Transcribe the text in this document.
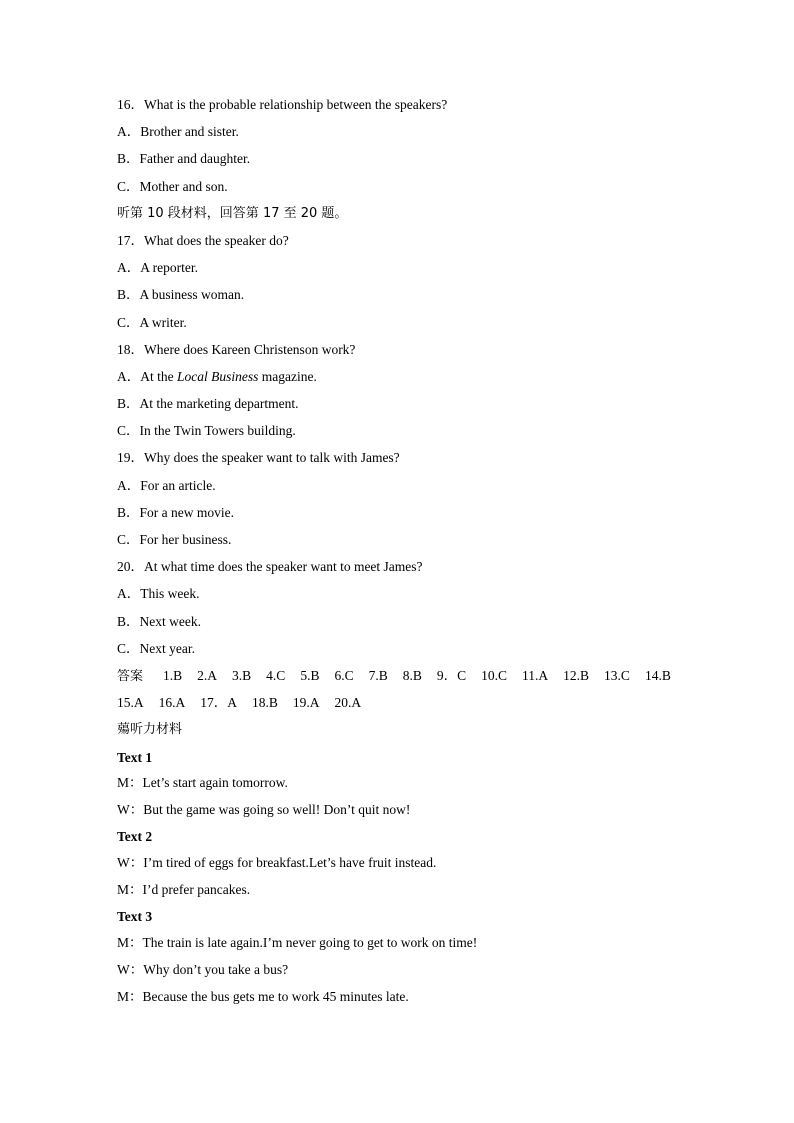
16．What is the probable relationship between the speakers?
A．Brother and sister.
B．Father and daughter.
C．Mother and son.
听第 10 段材料，回答第 17 至 20 题。
17．What does the speaker do?
A．A reporter.
B．A business woman.
C．A writer.
18．Where does Kareen Christenson work?
A．At the Local Business magazine.
B．At the marketing department.
C．In the Twin Towers building.
19．Why does the speaker want to talk with James?
A．For an article.
B．For a new movie.
C．For her business.
20．At what time does the speaker want to meet James?
A．This week.
B．Next week.
C．Next year.
答案 1.B 2.A 3.B 4.C 5.B 6.C 7.B 8.B 9．C 10.C 11.A 12.B 13.C 14.B
15.A 16.A 17．A 18.B 19.A 20.A
薚听力材料
Text 1
M：Let’s start again tomorrow.
W：But the game was going so well! Don’t quit now!
Text 2
W：I’m tired of eggs for breakfast.Let’s have fruit instead.
M：I’d prefer pancakes.
Text 3
M：The train is late again.I’m never going to get to work on time!
W：Why don’t you take a bus?
M：Because the bus gets me to work 45 minutes late.
